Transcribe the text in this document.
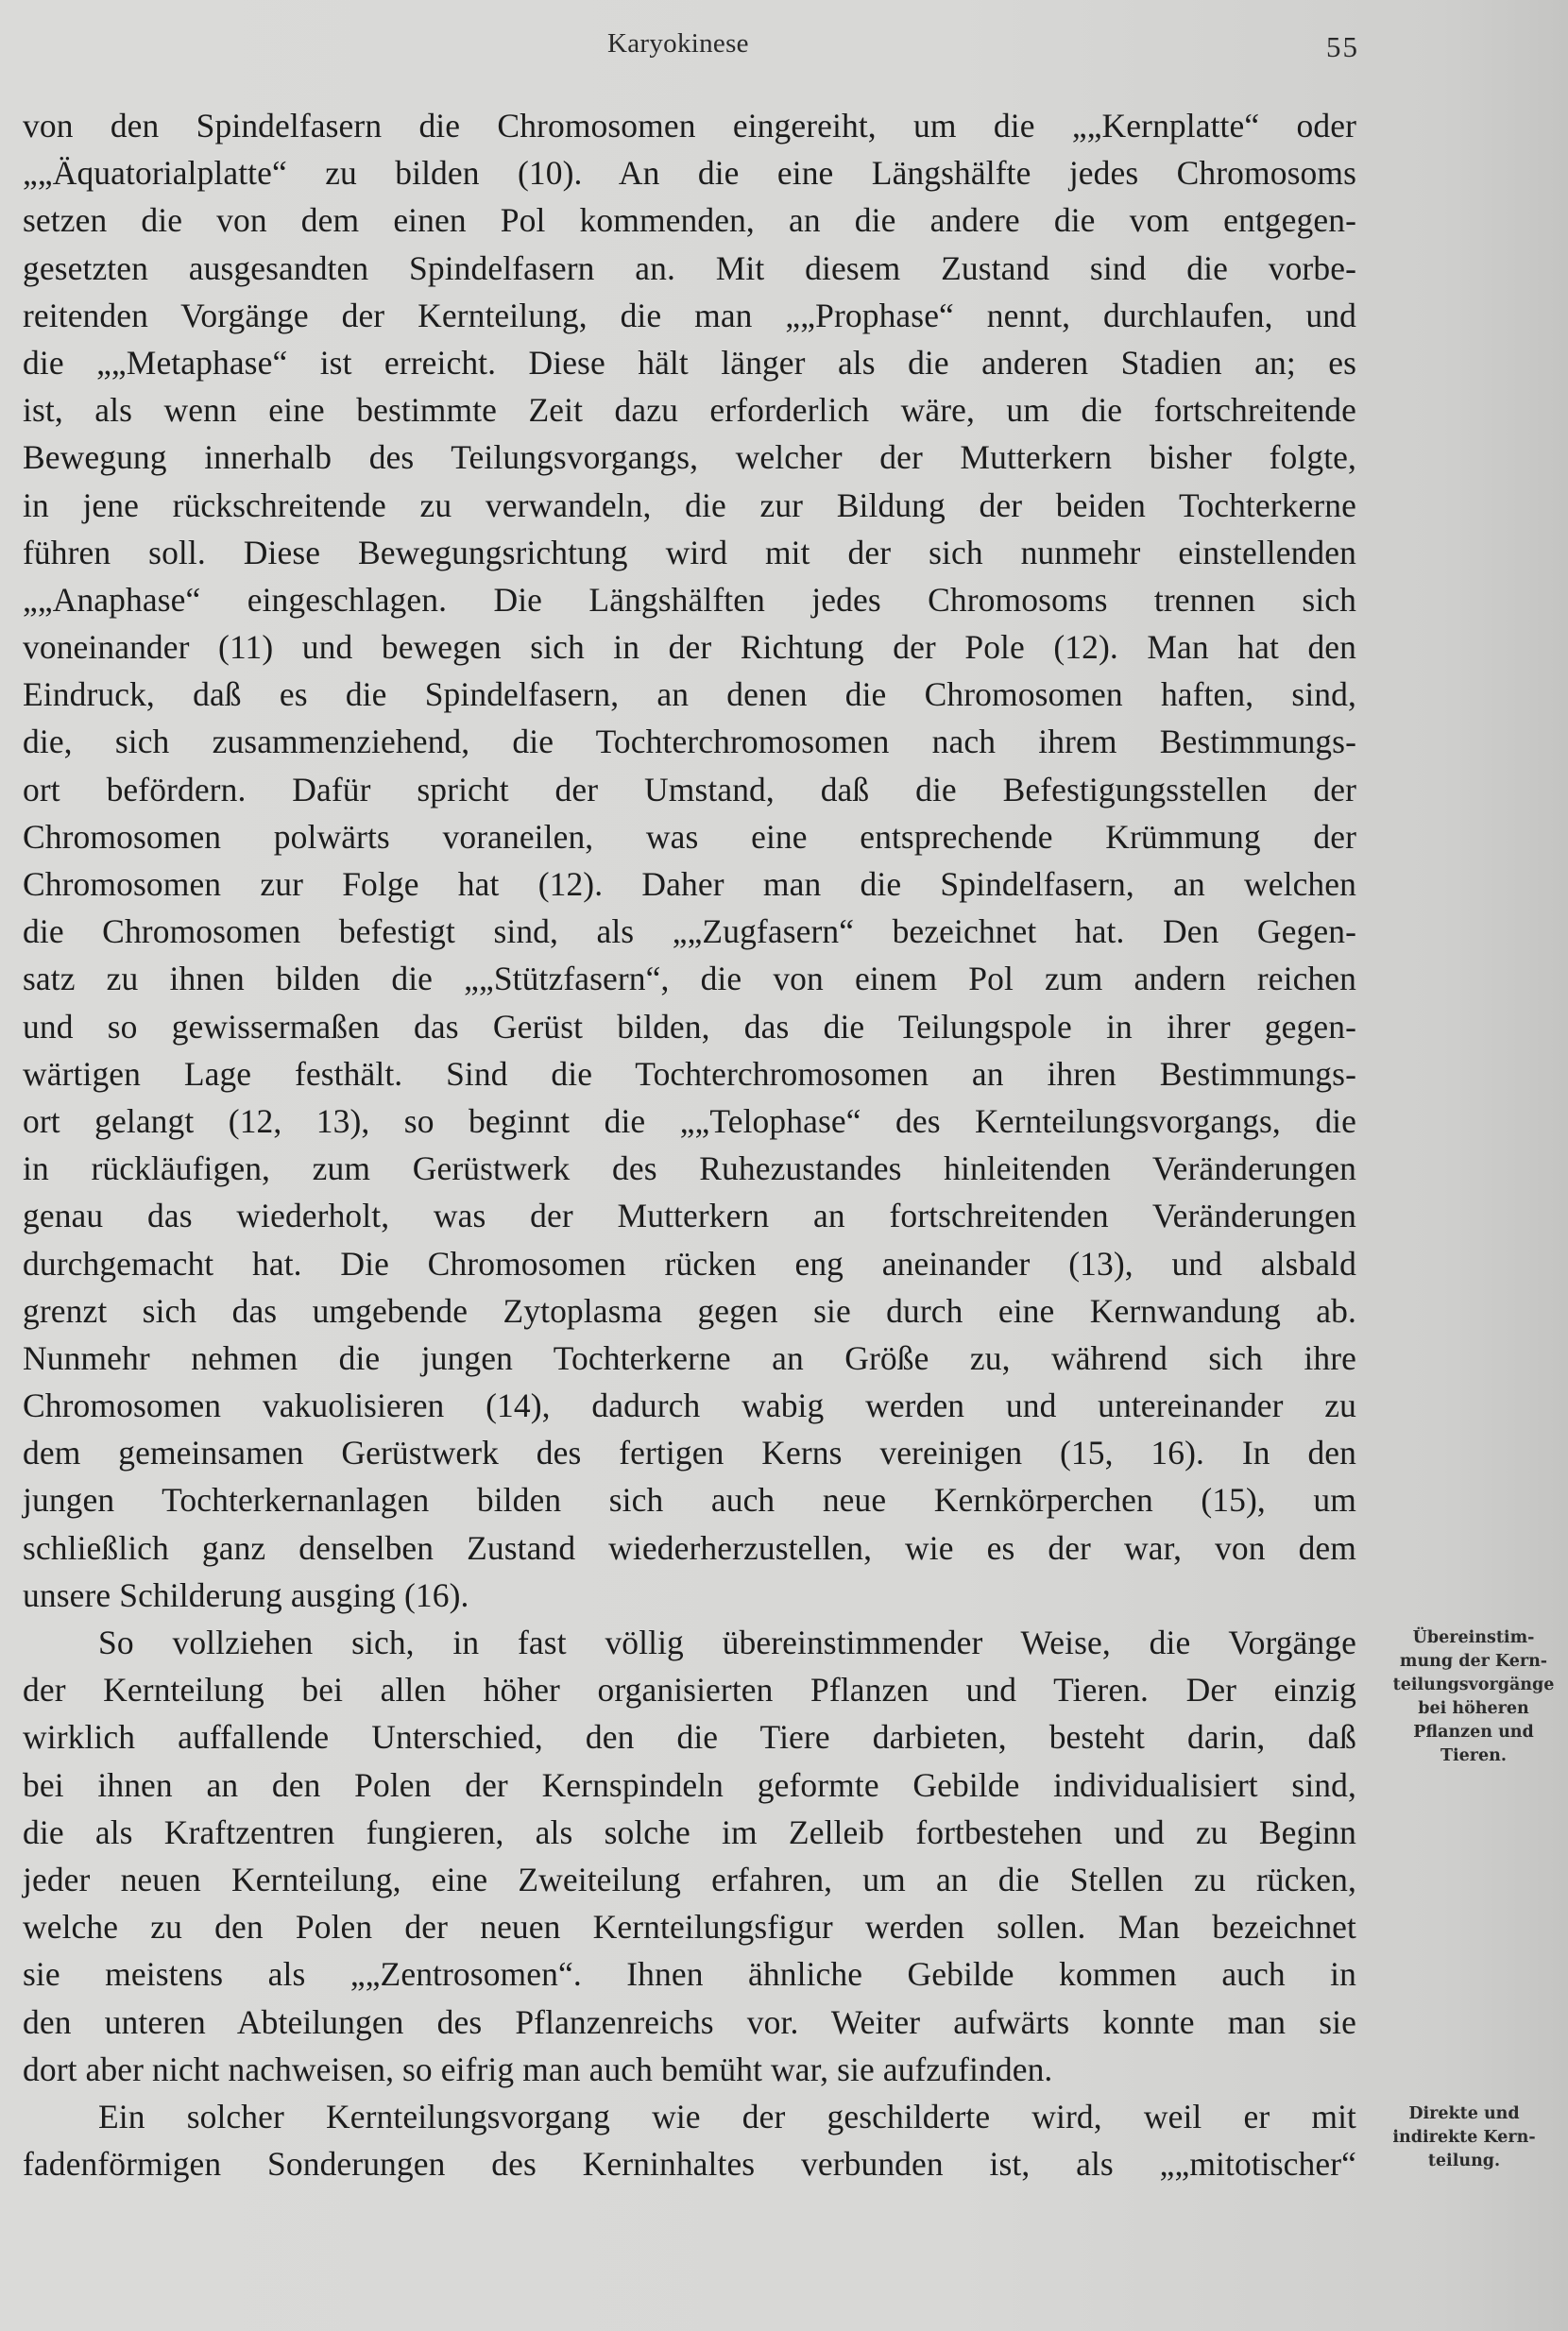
Karyokinese	55
von den Spindelfasern die Chromosomen eingereiht, um die „„Kernplatte“ oder
„„Äquatorialplatte“ zu bilden (10). An die eine Längshälfte jedes Chromosoms
setzen die von dem einen Pol kommenden, an die andere die vom entgegen-
gesetzten ausgesandten Spindelfasern an. Mit diesem Zustand sind die vorbe-
reitenden Vorgänge der Kernteilung, die man „„Prophase“ nennt, durchlaufen, und
die „„Metaphase“ ist erreicht. Diese hält länger als die anderen Stadien an; es
ist, als wenn eine bestimmte Zeit dazu erforderlich wäre, um die fortschreitende
Bewegung innerhalb des Teilungsvorgangs, welcher der Mutterkern bisher folgte,
in jene rückschreitende zu verwandeln, die zur Bildung der beiden Tochterkerne
führen soll. Diese Bewegungsrichtung wird mit der sich nunmehr einstellenden
„„Anaphase“ eingeschlagen. Die Längshälften jedes Chromosoms trennen sich
voneinander (11) und bewegen sich in der Richtung der Pole (12). Man hat den
Eindruck, daß es die Spindelfasern, an denen die Chromosomen haften, sind,
die, sich zusammenziehend, die Tochterchromosomen nach ihrem Bestimmungs-
ort befördern. Dafür spricht der Umstand, daß die Befestigungsstellen der
Chromosomen polwärts voraneilen, was eine entsprechende Krümmung der
Chromosomen zur Folge hat (12). Daher man die Spindelfasern, an welchen
die Chromosomen befestigt sind, als „„Zugfasern“ bezeichnet hat. Den Gegen-
satz zu ihnen bilden die „„Stützfasern“, die von einem Pol zum andern reichen
und so gewissermaßen das Gerüst bilden, das die Teilungspole in ihrer gegen-
wärtigen Lage festhält. Sind die Tochterchromosomen an ihren Bestimmungs-
ort gelangt (12, 13), so beginnt die „„Telophase“ des Kernteilungsvorgangs, die
in rückläufigen, zum Gerüstwerk des Ruhezustandes hinleitenden Veränderungen
genau das wiederholt, was der Mutterkern an fortschreitenden Veränderungen
durchgemacht hat. Die Chromosomen rücken eng aneinander (13), und alsbald
grenzt sich das umgebende Zytoplasma gegen sie durch eine Kernwandung ab.
Nunmehr nehmen die jungen Tochterkerne an Größe zu, während sich ihre
Chromosomen vakuolisieren (14), dadurch wabig werden und untereinander zu
dem gemeinsamen Gerüstwerk des fertigen Kerns vereinigen (15, 16). In den
jungen Tochterkernanlagen bilden sich auch neue Kernkörperchen (15), um
schließlich ganz denselben Zustand wiederherzustellen, wie es der war, von dem
unsere Schilderung ausging (16).
So vollziehen sich, in fast völlig übereinstimmender Weise, die Vorgänge
der Kernteilung bei allen höher organisierten Pflanzen und Tieren. Der einzig
wirklich auffallende Unterschied, den die Tiere darbieten, besteht darin, daß
bei ihnen an den Polen der Kernspindeln geformte Gebilde individualisiert sind,
die als Kraftzentren fungieren, als solche im Zelleib fortbestehen und zu Beginn
jeder neuen Kernteilung, eine Zweiteilung erfahren, um an die Stellen zu rücken,
welche zu den Polen der neuen Kernteilungsfigur werden sollen. Man bezeichnet
sie meistens als „„Zentrosomen“. Ihnen ähnliche Gebilde kommen auch in
den unteren Abteilungen des Pflanzenreichs vor. Weiter aufwärts konnte man sie
dort aber nicht nachweisen, so eifrig man auch bemüht war, sie aufzufinden.
Ein solcher Kernteilungsvorgang wie der geschilderte wird, weil er mit
fadenförmigen Sonderungen des Kerninhaltes verbunden ist, als „„mitotischer“
Übereinstim-
mung der Kern-
teilungsvorgänge
bei höheren
Pflanzen und
Tieren.
Direkte und
indirekte Kern-
teilung.
